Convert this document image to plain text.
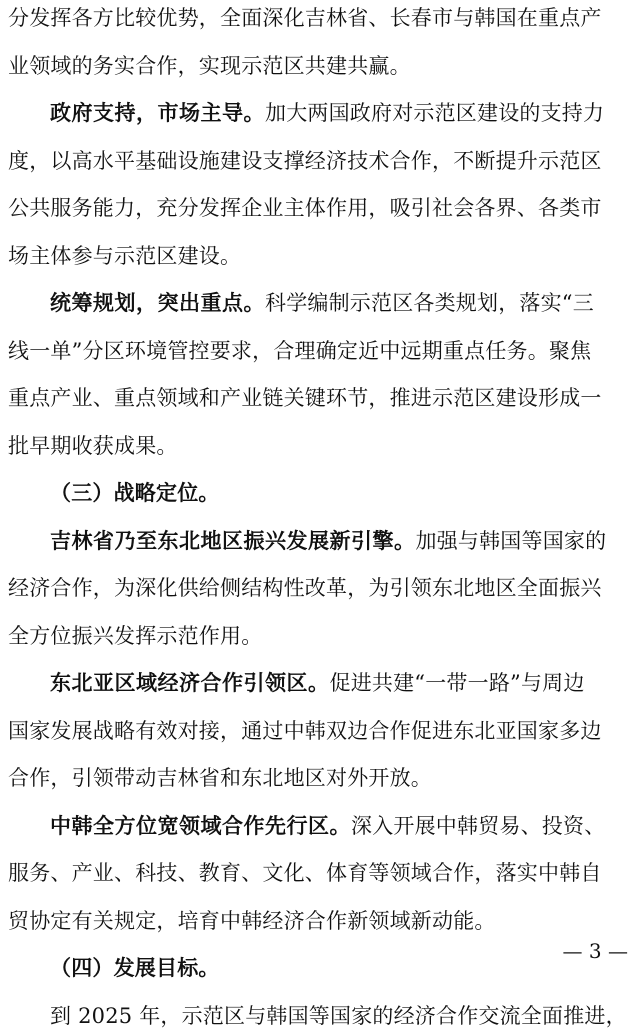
分发挥各方比较优势，全面深化吉林省、长春市与韩国在重点产
业领域的务实合作，实现示范区共建共赢。
政府支持，市场主导。加大两国政府对示范区建设的支持力
度，以高水平基础设施建设支撑经济技术合作，不断提升示范区
公共服务能力，充分发挥企业主体作用，吸引社会各界、各类市
场主体参与示范区建设。
统筹规划，突出重点。科学编制示范区各类规划，落实“三
线一单”分区环境管控要求，合理确定近中远期重点任务。聚焦
重点产业、重点领域和产业链关键环节，推进示范区建设形成一
批早期收获成果。
（三）战略定位。
吉林省乃至东北地区振兴发展新引擎。加强与韩国等国家的
经济合作，为深化供给侧结构性改革，为引领东北地区全面振兴
全方位振兴发挥示范作用。
东北亚区域经济合作引领区。促进共建“一带一路”与周边
国家发展战略有效对接，通过中韩双边合作促进东北亚国家多边
合作，引领带动吉林省和东北地区对外开放。
中韩全方位宽领域合作先行区。深入开展中韩贸易、投资、
服务、产业、科技、教育、文化、体育等领域合作，落实中韩自
贸协定有关规定，培育中韩经济合作新领域新动能。
（四）发展目标。
到 2025 年，示范区与韩国等国家的经济合作交流全面推进，
— 3 —
